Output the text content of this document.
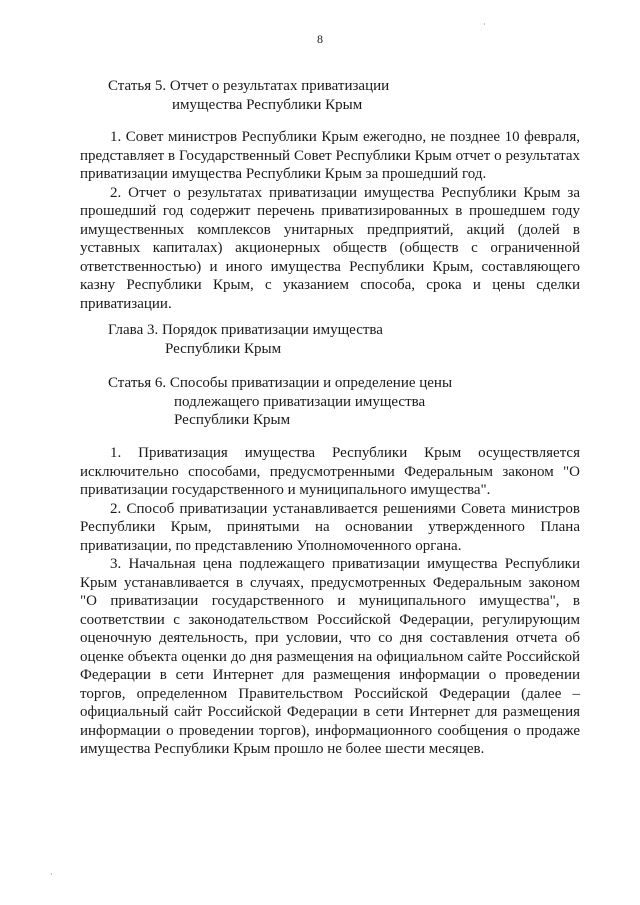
8
Статья 5. Отчет о результатах приватизации
имущества Республики Крым

1. Совет министров Республики Крым ежегодно, не позднее 10 февраля, представляет в Государственный Совет Республики Крым отчет о результатах приватизации имущества Республики Крым за прошедший год.

2. Отчет о результатах приватизации имущества Республики Крым за прошедший год содержит перечень приватизированных в прошедшем году имущественных комплексов унитарных предприятий, акций (долей в уставных капиталах) акционерных обществ (обществ с ограниченной ответственностью) и иного имущества Республики Крым, составляющего казну Республики Крым, с указанием способа, срока и цены сделки приватизации.

Глава 3. Порядок приватизации имущества
Республики Крым
Статья 6. Способы приватизации и определение цены
подлежащего приватизации имущества
Республики Крым

1. Приватизация имущества Республики Крым осуществляется исключительно способами, предусмотренными Федеральным законом "О приватизации государственного и муниципального имущества".

2. Способ приватизации устанавливается решениями Совета министров Республики Крым, принятыми на основании утвержденного Плана приватизации, по представлению Уполномоченного органа.

3. Начальная цена подлежащего приватизации имущества Республики Крым устанавливается в случаях, предусмотренных Федеральным законом "О приватизации государственного и муниципального имущества", в соответствии с законодательством Российской Федерации, регулирующим оценочную деятельность, при условии, что со дня составления отчета об оценке объекта оценки до дня размещения на официальном сайте Российской Федерации в сети Интернет для размещения информации о проведении торгов, определенном Правительством Российской Федерации (далее – официальный сайт Российской Федерации в сети Интернет для размещения информации о проведении торгов), информационного сообщения о продаже имущества Республики Крым прошло не более шести месяцев.

·
·
